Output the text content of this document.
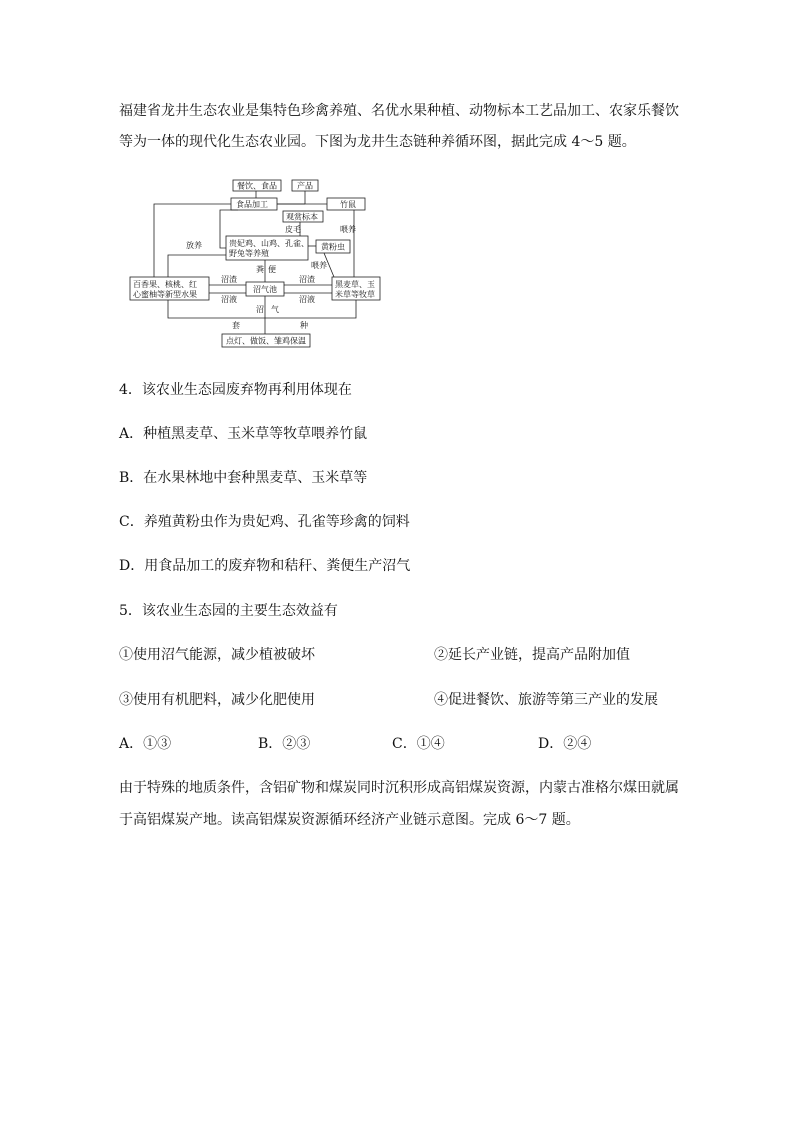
福建省龙井生态农业是集特色珍禽养殖、名优水果种植、动物标本工艺品加工、农家乐餐饮
等为一体的现代化生态农业园。下图为龙井生态链种养循环图，据此完成 4～5 题。
餐饮、食品	产品
食品加工	竹鼠
观赏标本
贵妃鸡、山鸡、孔雀、
野兔等养殖
黄粉虫
百香果、核桃、红
心蜜柚等新型水果
沼气池
黑麦草、玉
米草等牧草
点灯、做饭、雏鸡保温
皮毛	喂养
放养
粪 便	喂养
沼渣
沼液
沼渣
沼液
沼 气
套	种
4．该农业生态园废弃物再利用体现在
A．种植黑麦草、玉米草等牧草喂养竹鼠
B．在水果林地中套种黑麦草、玉米草等
C．养殖黄粉虫作为贵妃鸡、孔雀等珍禽的饲料
D．用食品加工的废弃物和秸秆、粪便生产沼气
5．该农业生态园的主要生态效益有
①使用沼气能源，减少植被破坏	②延长产业链，提高产品附加值
③使用有机肥料，减少化肥使用	④促进餐饮、旅游等第三产业的发展
A．①③	B．②③	C．①④	D．②④
由于特殊的地质条件，含铝矿物和煤炭同时沉积形成高铝煤炭资源，内蒙古准格尔煤田就属
于高铝煤炭产地。读高铝煤炭资源循环经济产业链示意图。完成 6～7 题。
